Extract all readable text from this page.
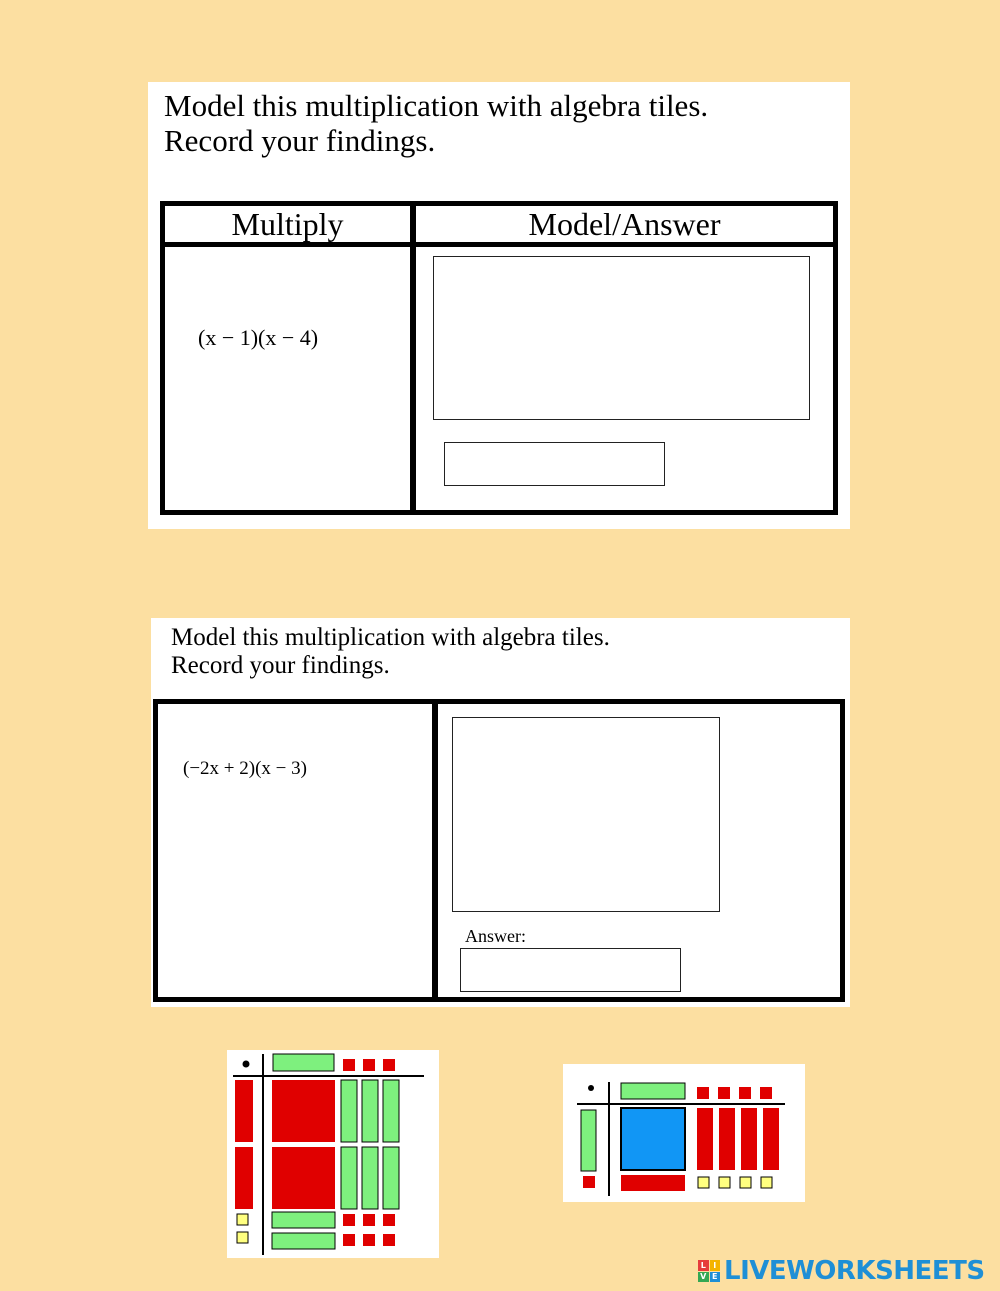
Model this multiplication with algebra tiles.
Record your findings.
Multiply	Model/Answer
(x − 1)(x − 4)
Model this multiplication with algebra tiles.
Record your findings.
(−2x + 2)(x − 3)
Answer:
L I
V E LIVEWORKSHEETS
